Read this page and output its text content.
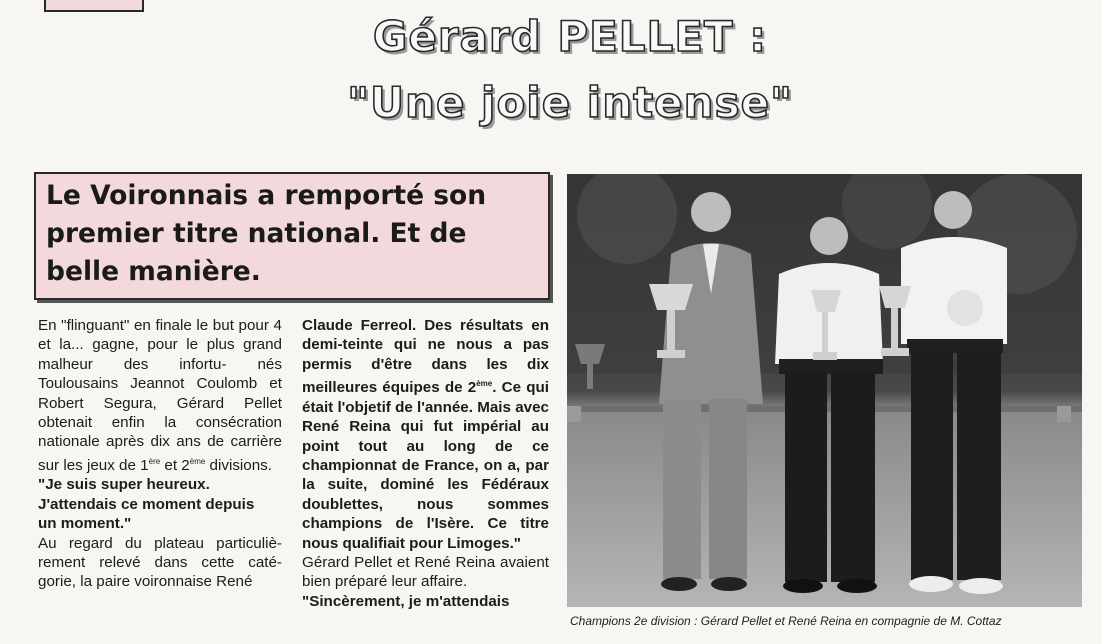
Gérard PELLET :
"Une joie intense"

Le Voironnais a remporté son premier titre national. Et de belle manière.

En "flinguant" en finale le but pour 4 et la... gagne, pour le plus grand malheur des infortu- nés Toulousains Jeannot Coulomb et Robert Segura, Gérard Pellet obtenait enfin la consécration nationale après dix ans de carrière sur les jeux de 1ère et 2ème divisions.

"Je suis super heureux.
J'attendais ce moment depuis
un moment."

Au regard du plateau particuliè- rement relevé dans cette caté- gorie, la paire voironnaise René

Claude Ferreol. Des résultats en demi-teinte qui ne nous a pas permis d'être dans les dix meilleures équipes de 2ème. Ce qui était l'objetif de l'année. Mais avec René Reina qui fut impérial au point tout au long de ce championnat de France, on a, par la suite, dominé les Fédéraux doublettes, nous sommes champions de l'Isère. Ce titre nous qualifiait pour Limoges."

Gérard Pellet et René Reina avaient bien préparé leur affaire.

"Sincèrement, je m'attendais

Champions 2e division : Gérard Pellet et René Reina en compagnie de M. Cottaz
